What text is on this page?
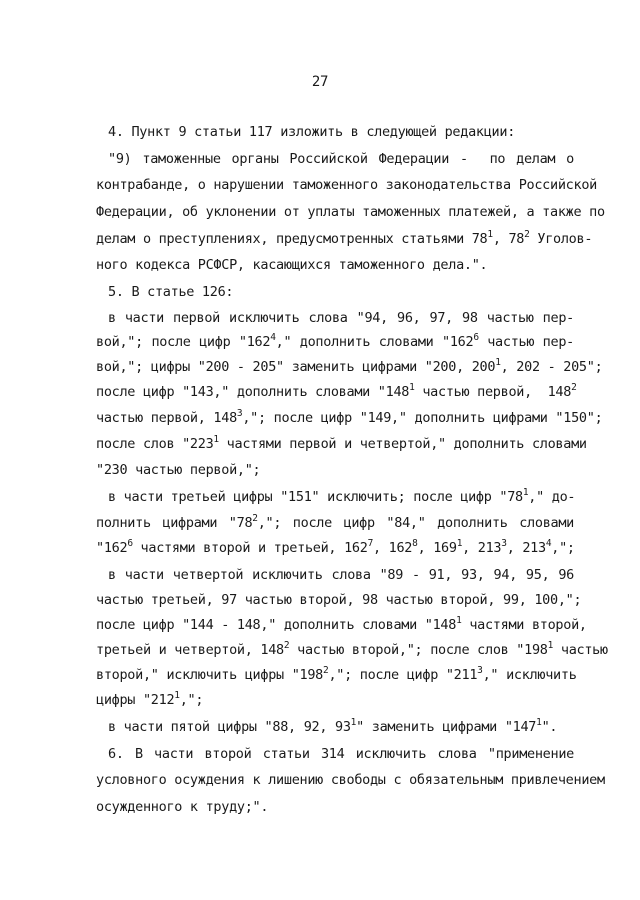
27
4. Пункт 9 статьи 117 изложить в следующей редакции:
"9) таможенные органы Российской Федерации -  по делам о
контрабанде, о нарушении таможенного законодательства Российской
Федерации, об уклонении от уплаты таможенных платежей, а также по
делам о преступлениях, предусмотренных статьями $78^1$, $78^2$ Уголов-
ного кодекса РСФСР, касающихся таможенного дела.".
5. В статье 126:
в части первой исключить слова "94, 96, 97, 98 частью пер-
вой,"; после цифр "$162^4$," дополнить словами "$162^6$ частью пер-
вой,"; цифры "200 - 205" заменить цифрами "200, $200^1$, 202 - 205";
после цифр "143," дополнить словами "$148^1$ частью первой,  $148^2$
частью первой, $148^3$,"; после цифр "149," дополнить цифрами "150";
после слов "$223^1$ частями первой и четвертой," дополнить словами
"230 частью первой,";
в части третьей цифры "151" исключить; после цифр "$78^1$," до-
полнить цифрами "$78^2$,"; после цифр "84," дополнить словами
"$162^6$ частями второй и третьей, $162^7$, $162^8$, $169^1$, $213^3$, $213^4$,";
в части четвертой исключить слова "89 - 91, 93, 94, 95, 96
частью третьей, 97 частью второй, 98 частью второй, 99, 100,";
после цифр "144 - 148," дополнить словами "$148^1$ частями второй,
третьей и четвертой, $148^2$ частью второй,"; после слов "$198^1$ частью
второй," исключить цифры "$198^2$,"; после цифр "$211^3$," исключить
цифры "$212^1$,";
в части пятой цифры "88, 92, $93^1$" заменить цифрами "$147^1$".
6. В части второй статьи 314 исключить слова "применение
условного осуждения к лишению свободы с обязательным привлечением
осужденного к труду;".
